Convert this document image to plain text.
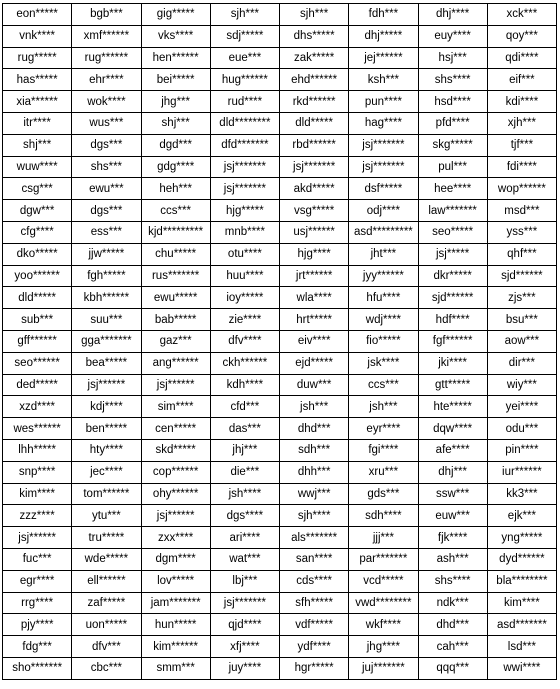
eon*****	bgb***	gig*****	sjh***	sjh***	fdh***	dhj****	xck***
vnk****	xmf******	vks****	sdj*****	dhs*****	dhj*****	euy****	qoy***
rug*****	rug******	hen******	eue***	zak*****	jej******	hsj***	qdi****
has*****	ehr****	bei*****	hug******	ehd******	ksh***	shs****	eif***
xia******	wok****	jhg***	rud****	rkd******	pun****	hsd****	kdi****
itr****	wus***	shj***	dld********	dld*****	hag****	pfd****	xjh***
shj***	dgs***	dgd***	dfd*******	rbd******	jsj*******	skg*****	tjf***
wuw****	shs***	gdg****	jsj*******	jsj*******	jsj*******	pul***	fdi****
csg***	ewu***	heh***	jsj*******	akd*****	dsf*****	hee****	wop******
dgw***	dgs***	ccs***	hjg*****	vsg*****	odj****	law*******	msd***
cfg****	ess***	kjd*********	mnb****	usj******	asd*********	seo*****	yss***
dko*****	jjw*****	chu*****	otu****	hjg****	jht***	jsj*****	qhf***
yoo******	fgh*****	rus*******	huu****	jrt******	jyy******	dkr*****	sjd******
dld*****	kbh******	ewu*****	ioy*****	wla****	hfu****	sjd******	zjs***
sub***	suu***	bab*****	zie****	hrt*****	wdj****	hdf****	bsu***
gff******	gga*******	gaz***	dfv****	eiv****	fio*****	fgf******	aow***
seo******	bea*****	ang******	ckh******	ejd*****	jsk****	jki****	dir***
ded*****	jsj******	jsj******	kdh****	duw***	ccs***	gtt*****	wiy***
xzd****	kdj****	sim****	cfd***	jsh***	jsh***	hte*****	yei****
wes******	ben*****	cen*****	das***	dhd***	eyr****	dqw****	odu***
lhh*****	hty****	skd*****	jhj***	sdh***	fgi****	afe****	pin****
snp****	jec****	cop******	die***	dhh***	xru***	dhj***	iur******
kim****	tom******	ohy******	jsh****	wwj***	gds***	ssw***	kk3***
zzz****	ytu***	jsj******	dgs****	sjh****	sdh****	euw***	ejk***
jsj******	tru*****	zxx****	ari****	als*******	jjj***	fjk****	yng*****
fuc***	wde*****	dgm****	wat***	san****	par*******	ash***	dyd******
egr****	ell******	lov*****	lbj***	cds****	vcd*****	shs****	bla********
rrg****	zaf*****	jam*******	jsj*******	sfh*****	vwd********	ndk***	kim****
pjy****	uon*****	hun*****	qjd****	vdf*****	wkf****	dhd***	asd*******
fdg***	dfv***	kim******	xfj****	ydf****	jhg****	cah***	lsd***
sho*******	cbc***	smm***	juy****	hgr*****	juj*******	qqq***	wwi****
